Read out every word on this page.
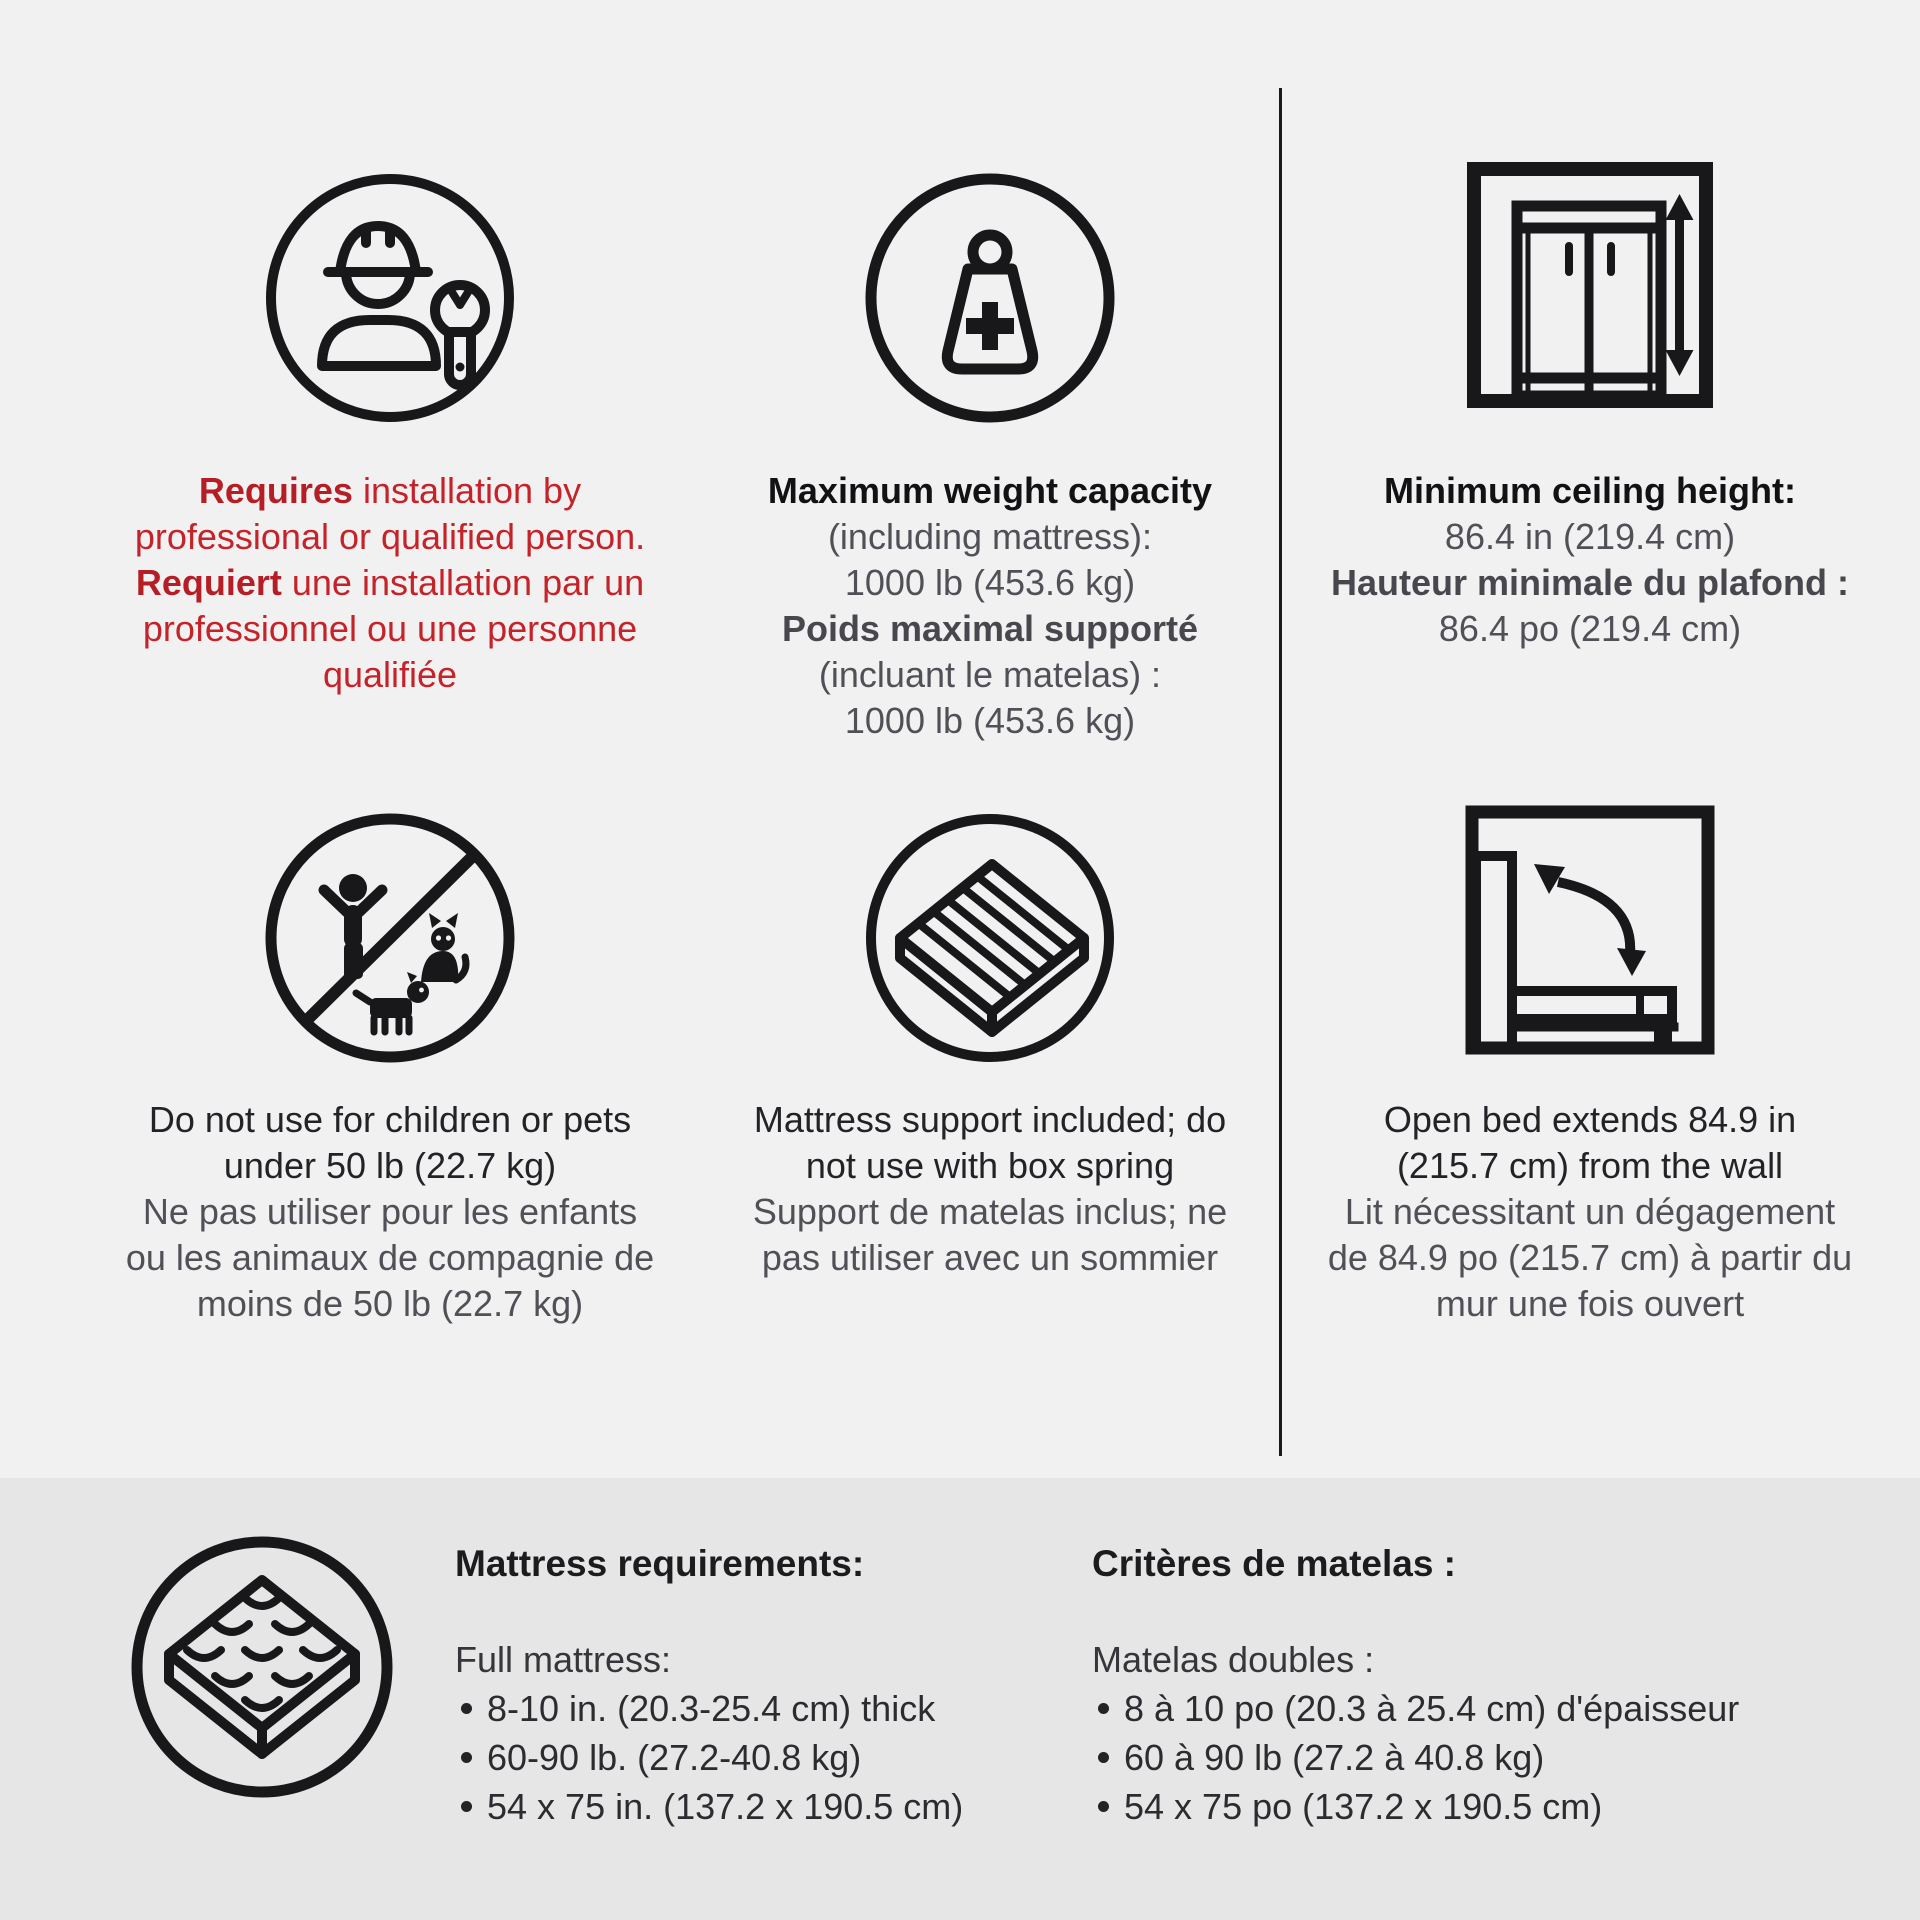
Requires installation by
professional or qualified person.
Requiert une installation par un
professionnel ou une personne
qualifiée
Maximum weight capacity
(including mattress):
1000 lb (453.6 kg)
Poids maximal supporté
(incluant le matelas) :
1000 lb (453.6 kg)
Minimum ceiling height:
86.4 in (219.4 cm)
Hauteur minimale du plafond :
86.4 po (219.4 cm)
Do not use for children or pets
under 50 lb (22.7 kg)
Ne pas utiliser pour les enfants
ou les animaux de compagnie de
moins de 50 lb (22.7 kg)
Mattress support included; do
not use with box spring
Support de matelas inclus; ne
pas utiliser avec un sommier
Open bed extends 84.9 in
(215.7 cm) from the wall
Lit nécessitant un dégagement
de 84.9 po (215.7 cm) à partir du
mur une fois ouvert
Mattress requirements:
Full mattress:
8-10 in. (20.3-25.4 cm) thick
60-90 lb. (27.2-40.8 kg)
54 x 75 in. (137.2 x 190.5 cm)
Critères de matelas :
Matelas doubles :
8 à 10 po (20.3 à 25.4 cm) d'épaisseur
60 à 90 lb (27.2 à 40.8 kg)
54 x 75 po (137.2 x 190.5 cm)
